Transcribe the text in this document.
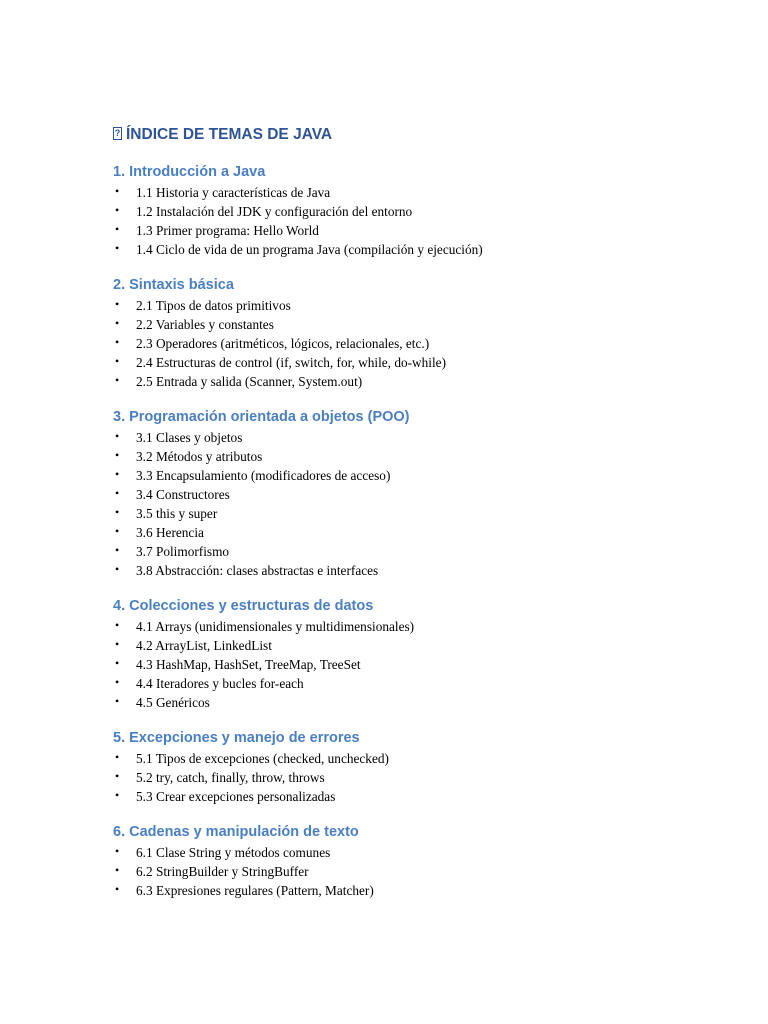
?ÍNDICE DE TEMAS DE JAVA
1. Introducción a Java
• 1.1 Historia y características de Java
• 1.2 Instalación del JDK y configuración del entorno
• 1.3 Primer programa: Hello World
• 1.4 Ciclo de vida de un programa Java (compilación y ejecución)
2. Sintaxis básica
• 2.1 Tipos de datos primitivos
• 2.2 Variables y constantes
• 2.3 Operadores (aritméticos, lógicos, relacionales, etc.)
• 2.4 Estructuras de control (if, switch, for, while, do-while)
• 2.5 Entrada y salida (Scanner, System.out)
3. Programación orientada a objetos (POO)
• 3.1 Clases y objetos
• 3.2 Métodos y atributos
• 3.3 Encapsulamiento (modificadores de acceso)
• 3.4 Constructores
• 3.5 this y super
• 3.6 Herencia
• 3.7 Polimorfismo
• 3.8 Abstracción: clases abstractas e interfaces
4. Colecciones y estructuras de datos
• 4.1 Arrays (unidimensionales y multidimensionales)
• 4.2 ArrayList, LinkedList
• 4.3 HashMap, HashSet, TreeMap, TreeSet
• 4.4 Iteradores y bucles for-each
• 4.5 Genéricos
5. Excepciones y manejo de errores
• 5.1 Tipos de excepciones (checked, unchecked)
• 5.2 try, catch, finally, throw, throws
• 5.3 Crear excepciones personalizadas
6. Cadenas y manipulación de texto
• 6.1 Clase String y métodos comunes
• 6.2 StringBuilder y StringBuffer
• 6.3 Expresiones regulares (Pattern, Matcher)
